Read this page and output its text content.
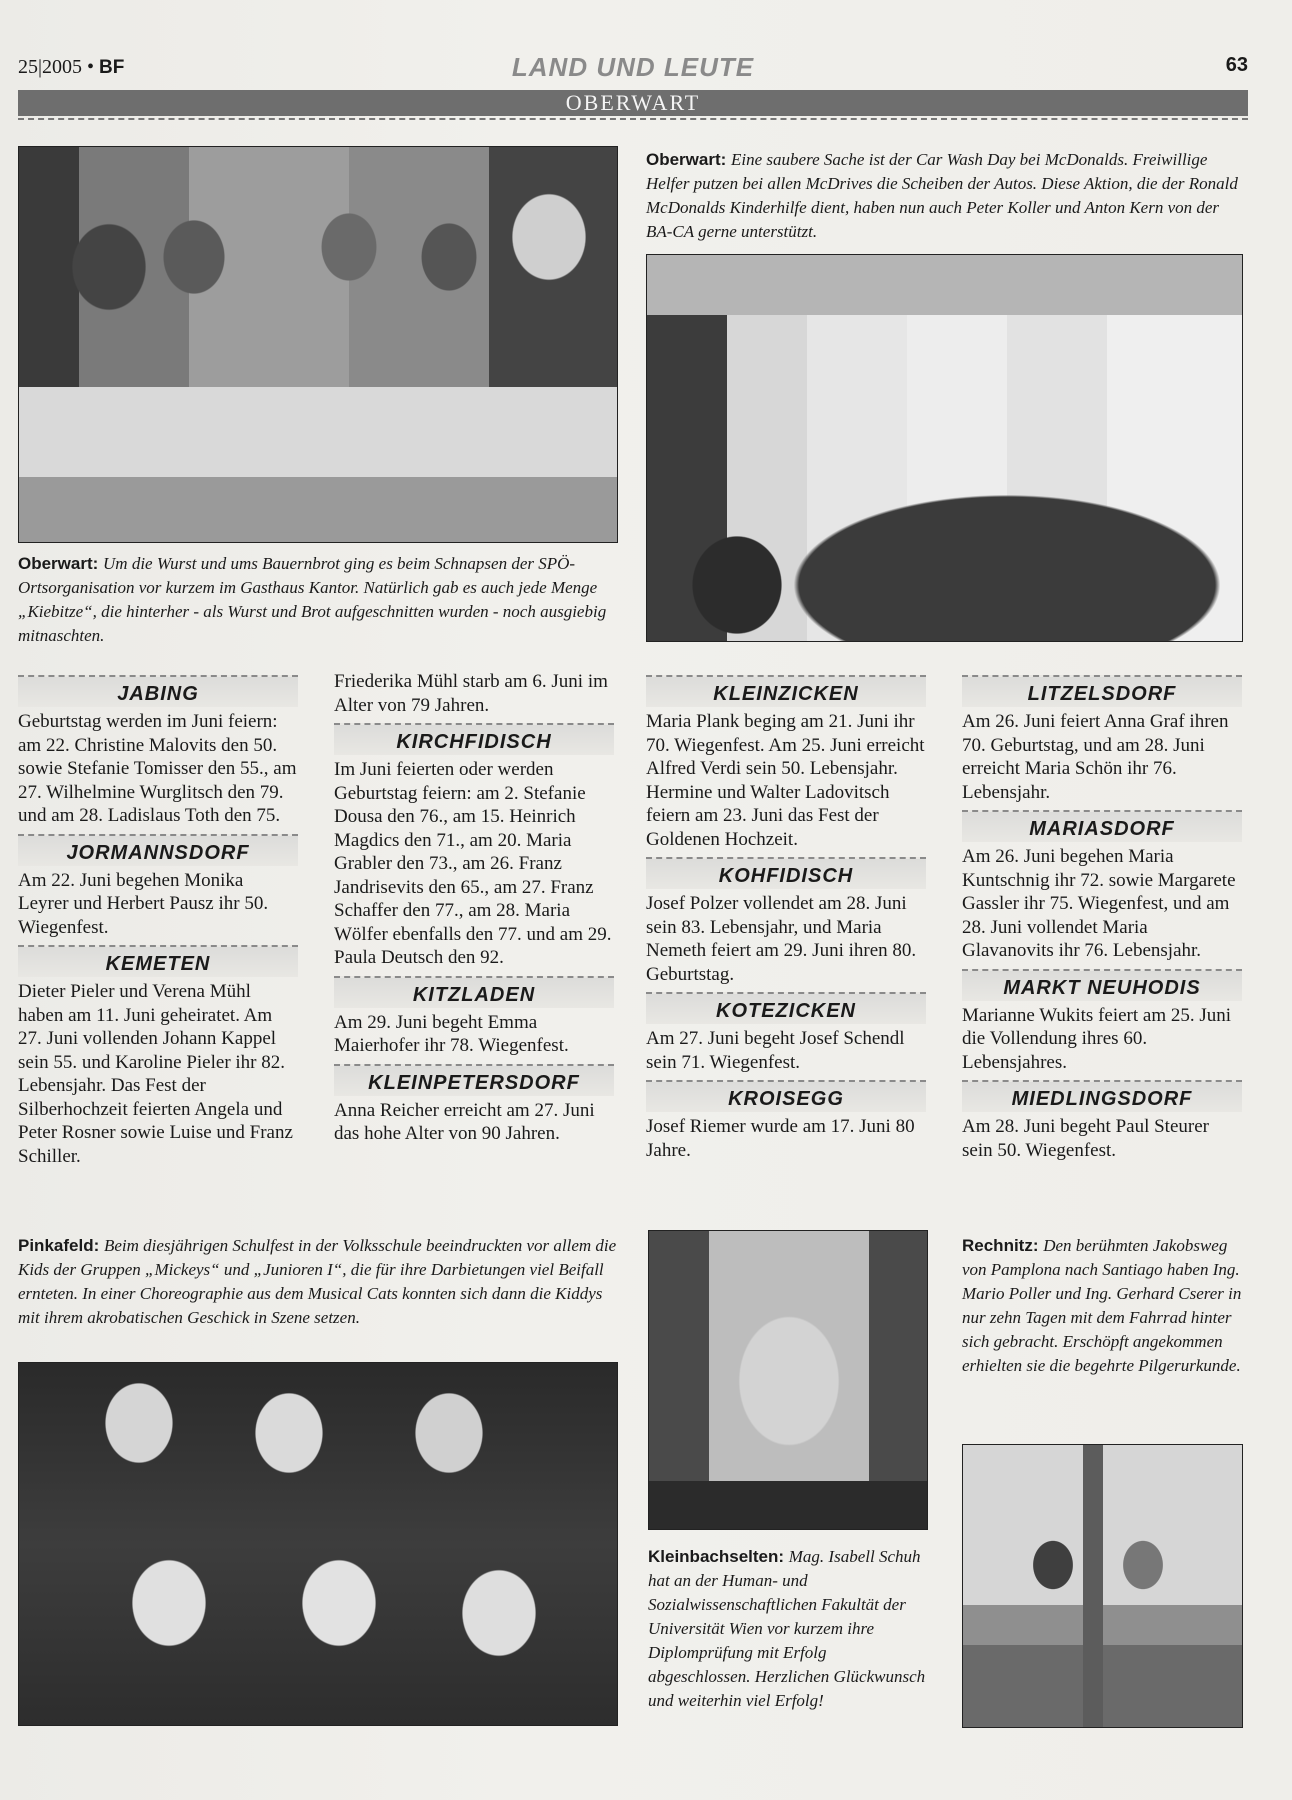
25|2005 • BF	LAND UND LEUTE	63
OBERWART
Oberwart: Eine saubere Sache ist der Car Wash Day bei McDonalds. Freiwillige Helfer putzen bei allen McDrives die Scheiben der Autos. Diese Aktion, die der Ronald McDonalds Kinderhilfe dient, haben nun auch Peter Koller und Anton Kern von der BA-CA gerne unterstützt.
Oberwart: Um die Wurst und ums Bauernbrot ging es beim Schnapsen der SPÖ-Ortsorganisation vor kurzem im Gasthaus Kantor. Natürlich gab es auch jede Menge „Kiebitze“, die hinterher - als Wurst und Brot aufgeschnitten wurden - noch ausgiebig mitnaschten.
Pinkafeld: Beim diesjährigen Schulfest in der Volksschule beeindruckten vor allem die Kids der Gruppen „Mickeys“ und „Junioren I“, die für ihre Darbietungen viel Beifall ernteten. In einer Choreographie aus dem Musical Cats konnten sich dann die Kiddys mit ihrem akrobatischen Geschick in Szene setzen.
Kleinbachselten: Mag. Isabell Schuh hat an der Human- und Sozialwissenschaftlichen Fakultät der Universität Wien vor kurzem ihre Diplomprüfung mit Erfolg abgeschlossen. Herzlichen Glückwunsch und weiterhin viel Erfolg!
Rechnitz: Den berühmten Jakobsweg von Pamplona nach Santiago haben Ing. Mario Poller und Ing. Gerhard Cserer in nur zehn Tagen mit dem Fahrrad hinter sich gebracht. Erschöpft angekommen erhielten sie die begehrte Pilgerurkunde.
JABING
Geburtstag werden im Juni feiern: am 22. Christine Malovits den 50. sowie Stefanie Tomisser den 55., am 27. Wilhelmine Wurglitsch den 79. und am 28. Ladislaus Toth den 75.
JORMANNSDORF
Am 22. Juni begehen Monika Leyrer und Herbert Pausz ihr 50. Wiegenfest.
KEMETEN
Dieter Pieler und Verena Mühl haben am 11. Juni geheiratet. Am 27. Juni vollenden Johann Kappel sein 55. und Karoline Pieler ihr 82. Lebensjahr. Das Fest der Silberhochzeit feierten Angela und Peter Rosner sowie Luise und Franz Schiller.
Friederika Mühl starb am 6. Juni im Alter von 79 Jahren.
KIRCHFIDISCH
Im Juni feierten oder werden Geburtstag feiern: am 2. Stefanie Dousa den 76., am 15. Heinrich Magdics den 71., am 20. Maria Grabler den 73., am 26. Franz Jandrisevits den 65., am 27. Franz Schaffer den 77., am 28. Maria Wölfer ebenfalls den 77. und am 29. Paula Deutsch den 92.
KITZLADEN
Am 29. Juni begeht Emma Maierhofer ihr 78. Wiegenfest.
KLEINPETERSDORF
Anna Reicher erreicht am 27. Juni das hohe Alter von 90 Jahren.
KLEINZICKEN
Maria Plank beging am 21. Juni ihr 70. Wiegenfest. Am 25. Juni erreicht Alfred Verdi sein 50. Lebensjahr. Hermine und Walter Ladovitsch feiern am 23. Juni das Fest der Goldenen Hochzeit.
KOHFIDISCH
Josef Polzer vollendet am 28. Juni sein 83. Lebensjahr, und Maria Nemeth feiert am 29. Juni ihren 80. Geburtstag.
KOTEZICKEN
Am 27. Juni begeht Josef Schendl sein 71. Wiegenfest.
KROISEGG
Josef Riemer wurde am 17. Juni 80 Jahre.
LITZELSDORF
Am 26. Juni feiert Anna Graf ihren 70. Geburtstag, und am 28. Juni erreicht Maria Schön ihr 76. Lebensjahr.
MARIASDORF
Am 26. Juni begehen Maria Kuntschnig ihr 72. sowie Margarete Gassler ihr 75. Wiegenfest, und am 28. Juni vollendet Maria Glavanovits ihr 76. Lebensjahr.
MARKT NEUHODIS
Marianne Wukits feiert am 25. Juni die Vollendung ihres 60. Lebensjahres.
MIEDLINGSDORF
Am 28. Juni begeht Paul Steurer sein 50. Wiegenfest.
